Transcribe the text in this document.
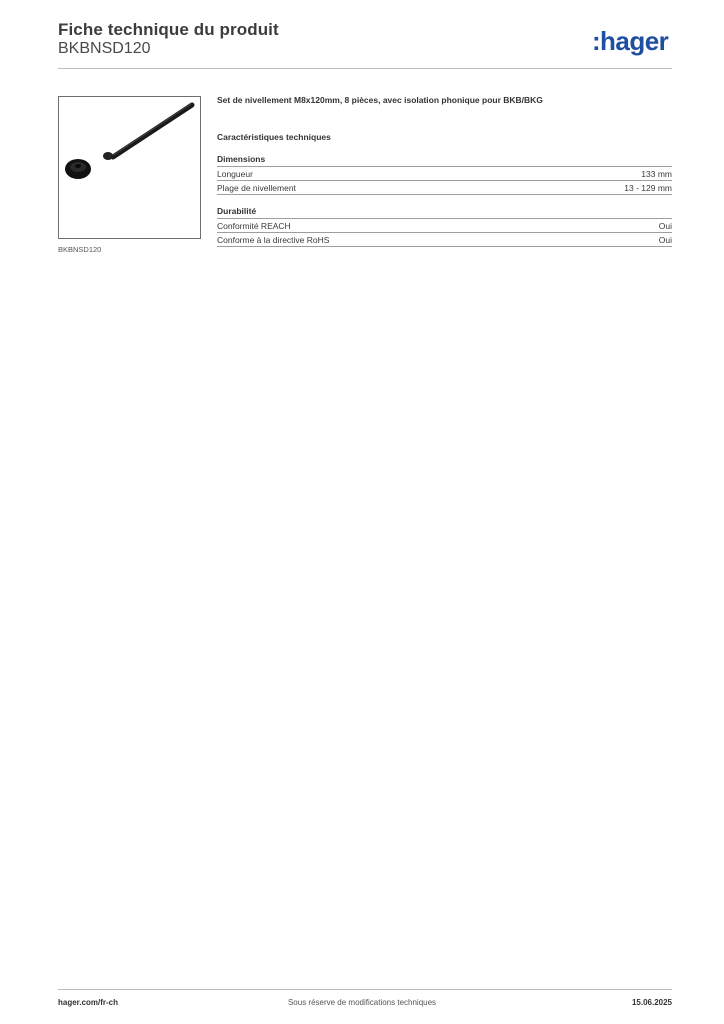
Fiche technique du produit
BKBNSD120	: hager
BKBNSD120
Set de nivellement M8x120mm, 8 pièces, avec isolation phonique pour BKB/BKG
Caractéristiques techniques
Dimensions
Longueur	133 mm
Plage de nivellement	13 - 129 mm
Durabilité
Conformité REACH	Oui
Conforme à la directive RoHS	Oui
hager.com/fr-ch	Sous réserve de modifications techniques	15.06.2025
